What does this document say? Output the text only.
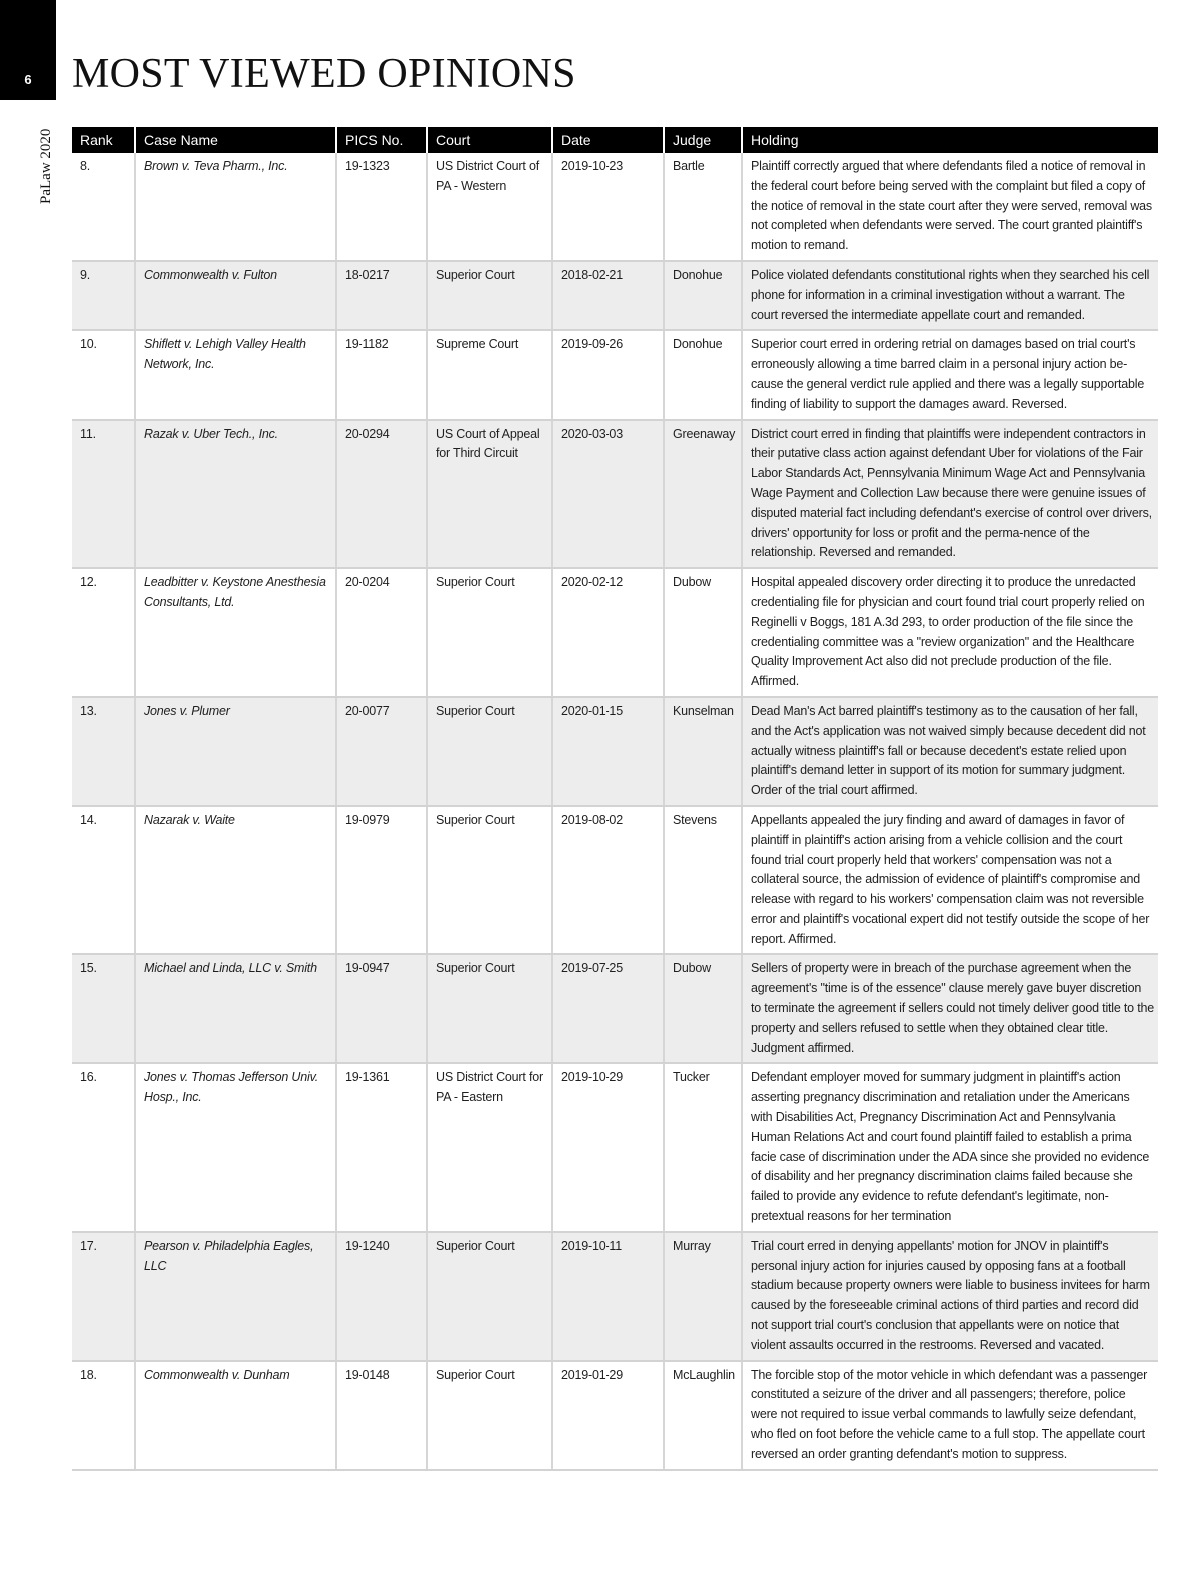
6 MOST VIEWED OPINIONS
PaLaw 2020 Rank	Case Name	PICS No.	Court	Date	Judge	Holding
8.	Brown v. Teva Pharm., Inc.	19-1323	US District Court of PA - Western	2019-10-23	Bartle	Plaintiff correctly argued that where defendants filed a notice of removal in the federal court before being served with the complaint but filed a copy of the notice of removal in the state court after they were served, removal was not completed when defendants were served. The court granted plaintiff's motion to remand.
9.	Commonwealth v. Fulton	18-0217	Superior Court	2018-02-21	Donohue	Police violated defendants constitutional rights when they searched his cell phone for information in a criminal investigation without a warrant. The court reversed the intermediate appellate court and remanded.
10.	Shiflett v. Lehigh Valley Health Network, Inc.	19-1182	Supreme Court	2019-09-26	Donohue	Superior court erred in ordering retrial on damages based on trial court's erroneously allowing a time barred claim in a personal injury action be-cause the general verdict rule applied and there was a legally supportable finding of liability to support the damages award. Reversed.
11.	Razak v. Uber Tech., Inc.	20-0294	US Court of Appeal for Third Circuit	2020-03-03	Greenaway	District court erred in finding that plaintiffs were independent contractors in their putative class action against defendant Uber for violations of the Fair Labor Standards Act, Pennsylvania Minimum Wage Act and Pennsylvania Wage Payment and Collection Law because there were genuine issues of disputed material fact including defendant's exercise of control over drivers, drivers' opportunity for loss or profit and the perma-nence of the relationship. Reversed and remanded.
12.	Leadbitter v. Keystone Anesthesia Consultants, Ltd.	20-0204	Superior Court	2020-02-12	Dubow	Hospital appealed discovery order directing it to produce the unredacted credentialing file for physician and court found trial court properly relied on Reginelli v Boggs, 181 A.3d 293, to order production of the file since the credentialing committee was a "review organization" and the Healthcare Quality Improvement Act also did not preclude production of the file. Affirmed.
13.	Jones v. Plumer	20-0077	Superior Court	2020-01-15	Kunselman	Dead Man's Act barred plaintiff's testimony as to the causation of her fall, and the Act's application was not waived simply because decedent did not actually witness plaintiff's fall or because decedent's estate relied upon plaintiff's demand letter in support of its motion for summary judgment. Order of the trial court affirmed.
14.	Nazarak v. Waite	19-0979	Superior Court	2019-08-02	Stevens	Appellants appealed the jury finding and award of damages in favor of plaintiff in plaintiff's action arising from a vehicle collision and the court found trial court properly held that workers' compensation was not a collateral source, the admission of evidence of plaintiff's compromise and release with regard to his workers' compensation claim was not reversible error and plaintiff's vocational expert did not testify outside the scope of her report. Affirmed.
15.	Michael and Linda, LLC v. Smith	19-0947	Superior Court	2019-07-25	Dubow	Sellers of property were in breach of the purchase agreement when the agreement's "time is of the essence" clause merely gave buyer discretion to terminate the agreement if sellers could not timely deliver good title to the property and sellers refused to settle when they obtained clear title. Judgment affirmed.
16.	Jones v. Thomas Jefferson Univ. Hosp., Inc.	19-1361	US District Court for PA - Eastern	2019-10-29	Tucker	Defendant employer moved for summary judgment in plaintiff's action asserting pregnancy discrimination and retaliation under the Americans with Disabilities Act, Pregnancy Discrimination Act and Pennsylvania Human Relations Act and court found plaintiff failed to establish a prima facie case of discrimination under the ADA since she provided no evidence of disability and her pregnancy discrimination claims failed because she failed to provide any evidence to refute defendant's legitimate, non-pretextual reasons for her termination
17.	Pearson v. Philadelphia Eagles, LLC	19-1240	Superior Court	2019-10-11	Murray	Trial court erred in denying appellants' motion for JNOV in plaintiff's personal injury action for injuries caused by opposing fans at a football stadium because property owners were liable to business invitees for harm caused by the foreseeable criminal actions of third parties and record did not support trial court's conclusion that appellants were on notice that violent assaults occurred in the restrooms. Reversed and vacated.
18.	Commonwealth v. Dunham	19-0148	Superior Court	2019-01-29	McLaughlin	The forcible stop of the motor vehicle in which defendant was a passenger constituted a seizure of the driver and all passengers; therefore, police were not required to issue verbal commands to lawfully seize defendant, who fled on foot before the vehicle came to a full stop. The appellate court reversed an order granting defendant's motion to suppress.
